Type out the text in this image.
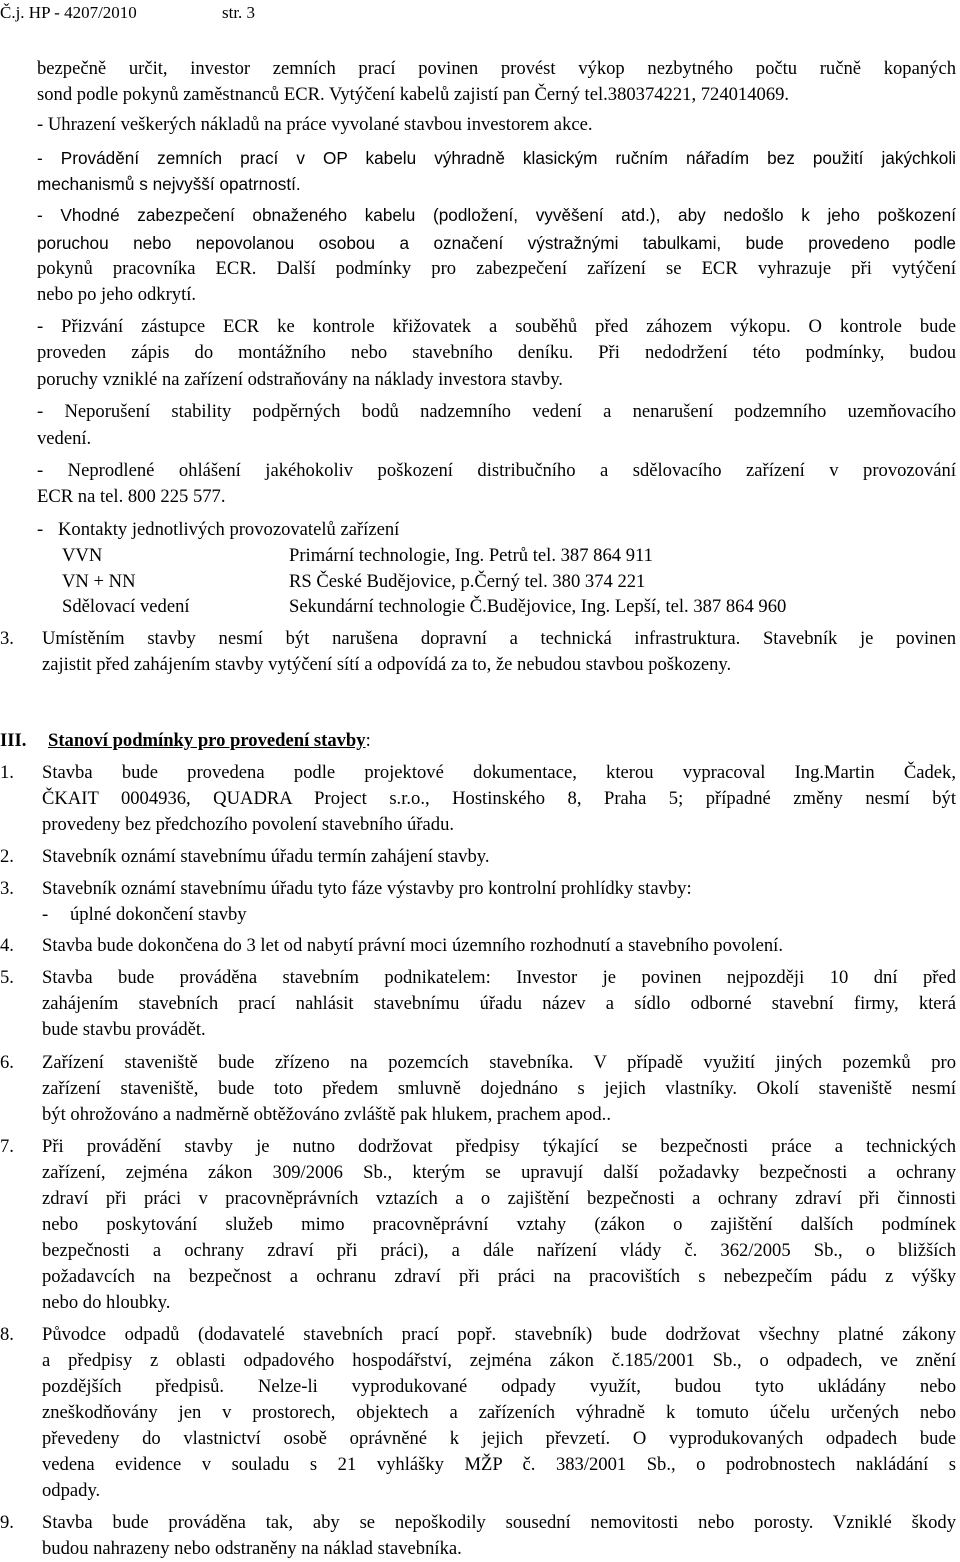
Č.j. HP - 4207/2010	str. 3
bezpečně určit, investor zemních prací povinen provést výkop nezbytného počtu ručně kopaných
sond podle pokynů zaměstnanců ECR. Vytýčení kabelů zajistí pan Černý tel.380374221, 724014069.
- Uhrazení veškerých nákladů na práce vyvolané stavbou investorem akce.
- Provádění zemních prací v OP kabelu výhradně klasickým ručním nářadím bez použití jakýchkoli
mechanismů s nejvyšší opatrností.
- Vhodné zabezpečení obnaženého kabelu (podložení, vyvěšení atd.), aby nedošlo k jeho poškození
poruchou nebo nepovolanou osobou a označení výstražnými tabulkami, bude provedeno podle
pokynů pracovníka ECR. Další podmínky pro zabezpečení zařízení se ECR vyhrazuje při vytýčení
nebo po jeho odkrytí.
- Přizvání zástupce ECR ke kontrole křižovatek a souběhů před záhozem výkopu. O kontrole bude
proveden zápis do montážního nebo stavebního deníku. Při nedodržení této podmínky, budou
poruchy vzniklé na zařízení odstraňovány na náklady investora stavby.
- Neporušení stability podpěrných bodů nadzemního vedení a nenarušení podzemního uzemňovacího
vedení.
- Neprodlené ohlášení jakéhokoliv poškození distribučního a sdělovacího zařízení v provozování
ECR na tel. 800 225 577.
- Kontakty jednotlivých provozovatelů zařízení
VVN	Primární technologie, Ing. Petrů tel. 387 864 911
VN + NN	RS České Budějovice, p.Černý tel. 380 374 221
Sdělovací vedení	Sekundární technologie Č.Budějovice, Ing. Lepší, tel. 387 864 960
3. Umístěním stavby nesmí být narušena dopravní a technická infrastruktura. Stavebník je povinen
zajistit před zahájením stavby vytýčení sítí a odpovídá za to, že nebudou stavbou poškozeny.
III. Stanoví podmínky pro provedení stavby:
1. Stavba bude provedena podle projektové dokumentace, kterou vypracoval Ing.Martin Čadek,
ČKAIT 0004936, QUADRA Project s.r.o., Hostinského 8, Praha 5; případné změny nesmí být
provedeny bez předchozího povolení stavebního úřadu.
2. Stavebník oznámí stavebnímu úřadu termín zahájení stavby.
3. Stavebník oznámí stavebnímu úřadu tyto fáze výstavby pro kontrolní prohlídky stavby:
- úplné dokončení stavby
4. Stavba bude dokončena do 3 let od nabytí právní moci územního rozhodnutí a stavebního povolení.
5. Stavba bude prováděna stavebním podnikatelem: Investor je povinen nejpozději 10 dní před
zahájením stavebních prací nahlásit stavebnímu úřadu název a sídlo odborné stavební firmy, která
bude stavbu provádět.
6. Zařízení staveniště bude zřízeno na pozemcích stavebníka. V případě využití jiných pozemků pro
zařízení staveniště, bude toto předem smluvně dojednáno s jejich vlastníky. Okolí staveniště nesmí
být ohrožováno a nadměrně obtěžováno zvláště pak hlukem, prachem apod..
7. Při provádění stavby je nutno dodržovat předpisy týkající se bezpečnosti práce a technických
zařízení, zejména zákon 309/2006 Sb., kterým se upravují další požadavky bezpečnosti a ochrany
zdraví při práci v pracovněprávních vztazích a o zajištění bezpečnosti a ochrany zdraví při činnosti
nebo poskytování služeb mimo pracovněprávní vztahy (zákon o zajištění dalších podmínek
bezpečnosti a ochrany zdraví při práci), a dále nařízení vlády č. 362/2005 Sb., o bližších
požadavcích na bezpečnost a ochranu zdraví při práci na pracovištích s nebezpečím pádu z výšky
nebo do hloubky.
8. Původce odpadů (dodavatelé stavebních prací popř. stavebník) bude dodržovat všechny platné zákony
a předpisy z oblasti odpadového hospodářství, zejména zákon č.185/2001 Sb., o odpadech, ve znění
pozdějších předpisů. Nelze-li vyprodukované odpady využít, budou tyto ukládány nebo
zneškodňovány jen v prostorech, objektech a zařízeních výhradně k tomuto účelu určených nebo
převedeny do vlastnictví osobě oprávněné k jejich převzetí. O vyprodukovaných odpadech bude
vedena evidence v souladu s 21 vyhlášky MŽP č. 383/2001 Sb., o podrobnostech nakládání s
odpady.
9. Stavba bude prováděna tak, aby se nepoškodily sousední nemovitosti nebo porosty. Vzniklé škody
budou nahrazeny nebo odstraněny na náklad stavebníka.
